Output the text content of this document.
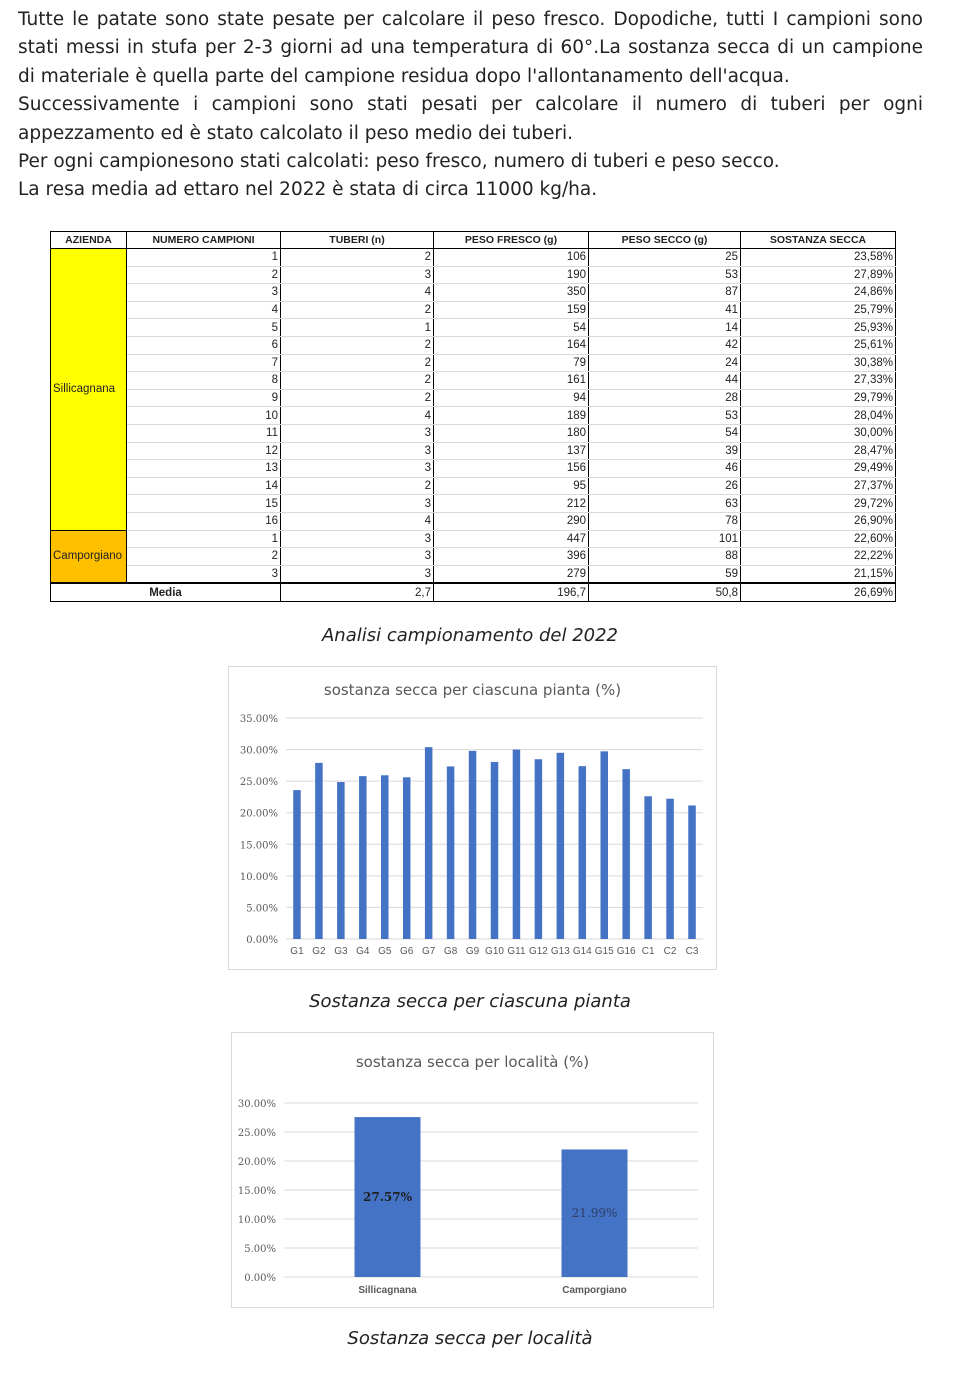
Tutte le patate sono state pesate per calcolare il peso fresco. Dopodiche, tutti I campioni sono stati messi in stufa per 2-3 giorni ad una temperatura di 60°.La sostanza secca di un campione di materiale è quella parte del campione residua dopo l'allontanamento dell'acqua.

Successivamente i campioni sono stati pesati per calcolare il numero di tuberi per ogni appezzamento ed è stato calcolato il peso medio dei tuberi.

Per ogni campionesono stati calcolati: peso fresco, numero di tuberi e peso secco.

La resa media ad ettaro nel 2022 è stata di circa 11000 kg/ha.

AZIENDA	NUMERO CAMPIONI	TUBERI (n)	PESO FRESCO (g)	PESO SECCO (g)	SOSTANZA SECCA
Sillicagnana	1	2	106	25	23,58%
	2	3	190	53	27,89%
	3	4	350	87	24,86%
	4	2	159	41	25,79%
	5	1	54	14	25,93%
	6	2	164	42	25,61%
	7	2	79	24	30,38%
	8	2	161	44	27,33%
	9	2	94	28	29,79%
	10	4	189	53	28,04%
	11	3	180	54	30,00%
	12	3	137	39	28,47%
	13	3	156	46	29,49%
	14	2	95	26	27,37%
	15	3	212	63	29,72%
	16	4	290	78	26,90%
Camporgiano	1	3	447	101	22,60%
	2	3	396	88	22,22%
	3	3	279	59	21,15%
Media		2,7	196,7	50,8	26,69%
Analisi campionamento del 2022
sostanza secca per ciascuna pianta (%)
0.00%
5.00%
10.00%
15.00%
20.00%
25.00%
30.00%
35.00%
G1 G2 G3 G4 G5 G6 G7 G8 G9 G10 G11 G12 G13 G14 G15 G16 C1 C2 C3
Sostanza secca per ciascuna pianta
sostanza secca per località (%)
0.00%
5.00%
10.00%
15.00%
20.00%
25.00%
30.00%
Sillicagnana
27.57%
Camporgiano
21.99%
Sostanza secca per località
